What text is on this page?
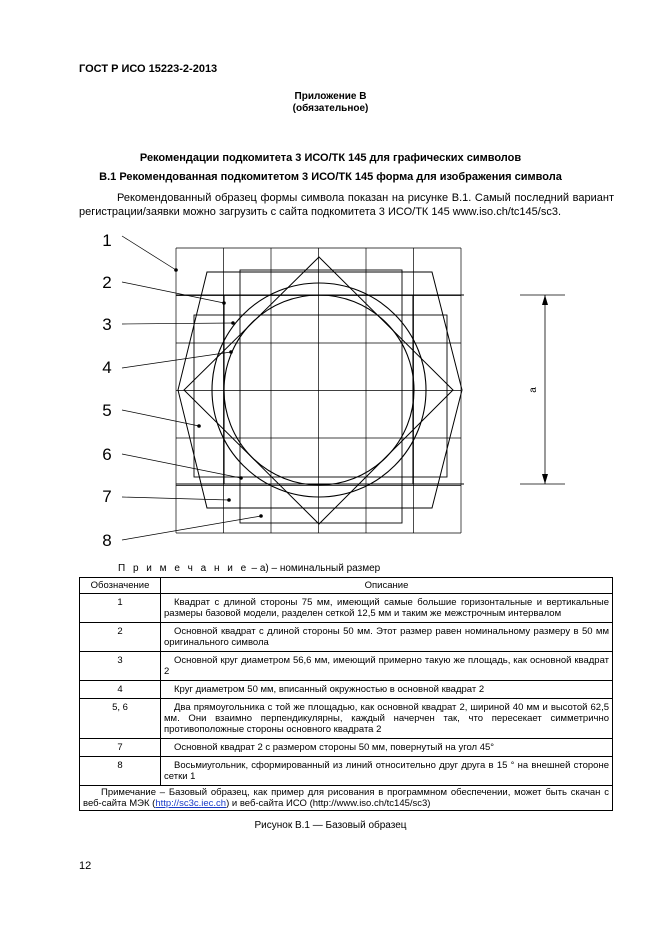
ГОСТ Р ИСО 15223-2-2013
Приложение В
(обязательное)
Рекомендации подкомитета 3 ИСО/ТК 145 для графических символов
В.1 Рекомендованная подкомитетом 3 ИСО/ТК 145 форма для изображения символа
Рекомендованный образец формы символа показан на рисунке В.1. Самый последний вариант регистрации/заявки можно загрузить с сайта подкомитета 3 ИСО/ТК 145 www.iso.ch/tc145/sc3.
1
2
3
4
5
6
7
8
a
П р и м е ч а н и е – а) – номинальный размер
Обозначение	Описание
1	Квадрат с длиной стороны 75 мм, имеющий самые большие горизонтальные и вертикальные размеры базовой модели, разделен сеткой 12,5 мм и таким же межстрочным интервалом
2	Основной квадрат с длиной стороны 50 мм. Этот размер равен номинальному размеру в 50 мм оригинального символа
3	Основной круг диаметром 56,6 мм, имеющий примерно такую же площадь, как основной квадрат 2
4	Круг диаметром 50 мм, вписанный окружностью в основной квадрат 2
5, 6	Два прямоугольника с той же площадью, как основной квадрат 2, шириной 40 мм и высотой 62,5 мм. Они взаимно перпендикулярны, каждый начерчен так, что пересекает симметрично противоположные стороны основного квадрата 2
7	Основной квадрат 2 с размером стороны 50 мм, повернутый на угол 45°
8	Восьмиугольник, сформированный из линий относительно друг друга в 15 ° на внешней стороне сетки 1
Примечание – Базовый образец, как пример для рисования в программном обеспечении, может быть скачан с веб-сайта МЭК (http://sc3c.iec.ch) и веб-сайта ИСО (http://www.iso.ch/tc145/sc3)	
Рисунок В.1 — Базовый образец
12
